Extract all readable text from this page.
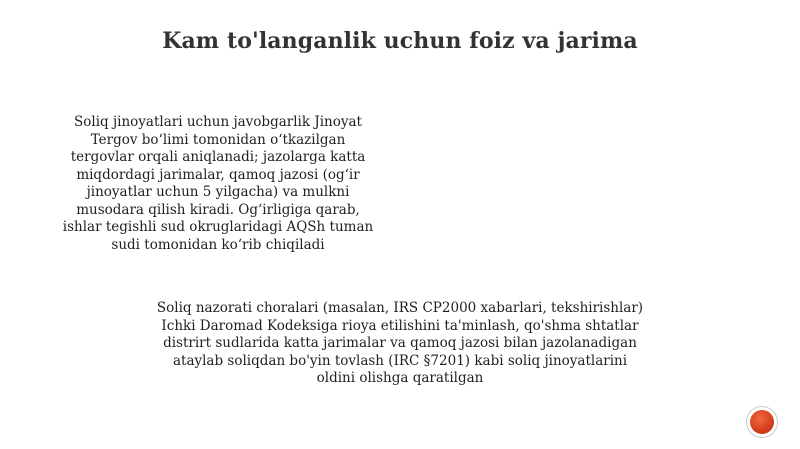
Kam to'langanlik uchun foiz va jarima
Soliq jinoyatlari uchun javobgarlik Jinoyat
Tergov bo‘limi tomonidan o‘tkazilgan
tergovlar orqali aniqlanadi; jazolarga katta
miqdordagi jarimalar, qamoq jazosi (og‘ir
jinoyatlar uchun 5 yilgacha) va mulkni
musodara qilish kiradi. Og‘irligiga qarab,
ishlar tegishli sud okruglaridagi AQSh tuman
sudi tomonidan ko‘rib chiqiladi
Soliq nazorati choralari (masalan, IRS CP2000 xabarlari, tekshirishlar)
Ichki Daromad Kodeksiga rioya etilishini ta'minlash, qo'shma shtatlar
distrirt sudlarida katta jarimalar va qamoq jazosi bilan jazolanadigan
ataylab soliqdan bo'yin tovlash (IRC §7201) kabi soliq jinoyatlarini
oldini olishga qaratilgan
